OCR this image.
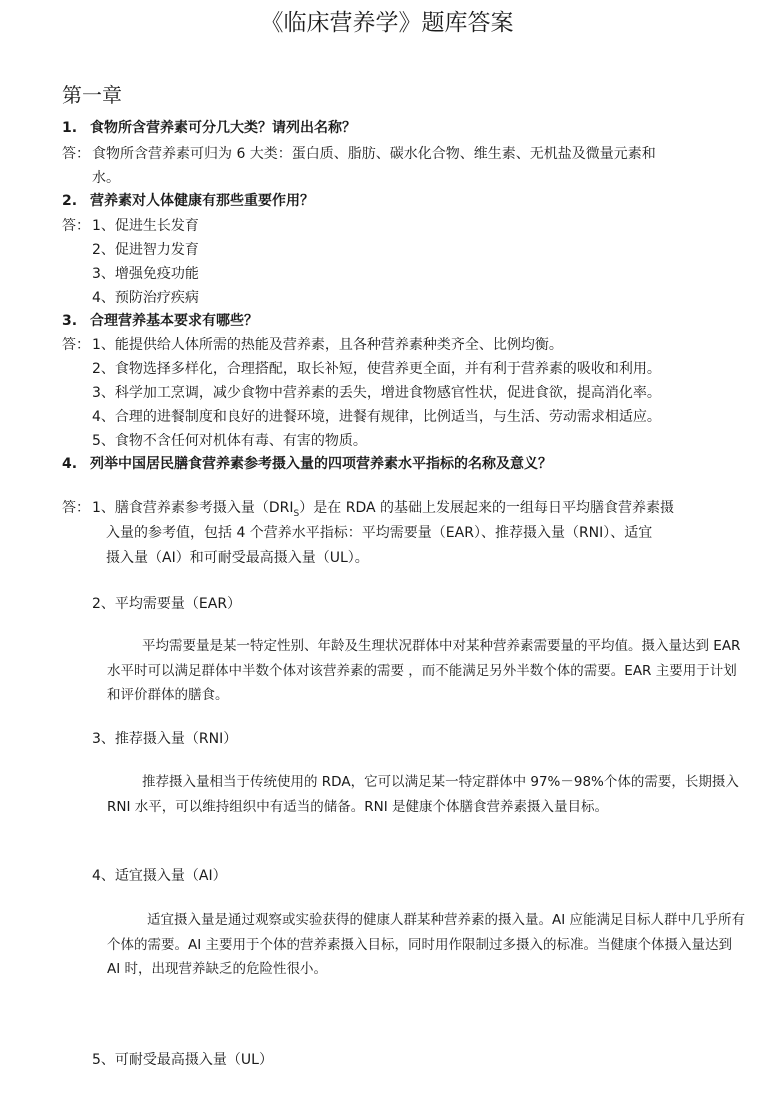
《临床营养学》题库答案
第一章
1. 食物所含营养素可分几大类？请列出名称？
答： 食物所含营养素可归为 6 大类：蛋白质、脂肪、碳水化合物、维生素、无机盐及微量元素和
水。
2. 营养素对人体健康有那些重要作用？
答： 1、促进生长发育
2、促进智力发育
3、增强免疫功能
4、预防治疗疾病
3. 合理营养基本要求有哪些？
答： 1、能提供给人体所需的热能及营养素，且各种营养素种类齐全、比例均衡。
2、食物选择多样化，合理搭配，取长补短，使营养更全面，并有利于营养素的吸收和利用。
3、科学加工烹调，减少食物中营养素的丢失，增进食物感官性状，促进食欲，提高消化率。
4、合理的进餐制度和良好的进餐环境，进餐有规律，比例适当，与生活、劳动需求相适应。
5、食物不含任何对机体有毒、有害的物质。
4. 列举中国居民膳食营养素参考摄入量的四项营养素水平指标的名称及意义？
答： 1、膳食营养素参考摄入量$(DRI_S)$是在 RDA 的基础上发展起来的一组每日平均膳食营养素摄
入量的参考值，包括 4 个营养水平指标：平均需要量（EAR）、推荐摄入量（RNI）、适宜
摄入量（AI）和可耐受最高摄入量（UL）。
2、平均需要量（EAR）
平均需要量是某一特定性别、年龄及生理状况群体中对某种营养素需要量的平均值。摄入量达到 EAR 水平时可以满足群体中半数个体对该营养素的需要 ，而不能满足另外半数个体的需要。EAR 主要用于计划和评价群体的膳食。
3、推荐摄入量（RNI）
推荐摄入量相当于传统使用的 RDA，它可以满足某一特定群体中 97%－98%个体的需要，长期摄入 RNI 水平，可以维持组织中有适当的储备。RNI 是健康个体膳食营养素摄入量目标。
4、适宜摄入量（AI）
适宜摄入量是通过观察或实验获得的健康人群某种营养素的摄入量。AI 应能满足目标人群中几乎所有个体的需要。AI 主要用于个体的营养素摄入目标，同时用作限制过多摄入的标准。当健康个体摄入量达到 AI 时，出现营养缺乏的危险性很小。
5、可耐受最高摄入量（UL）
